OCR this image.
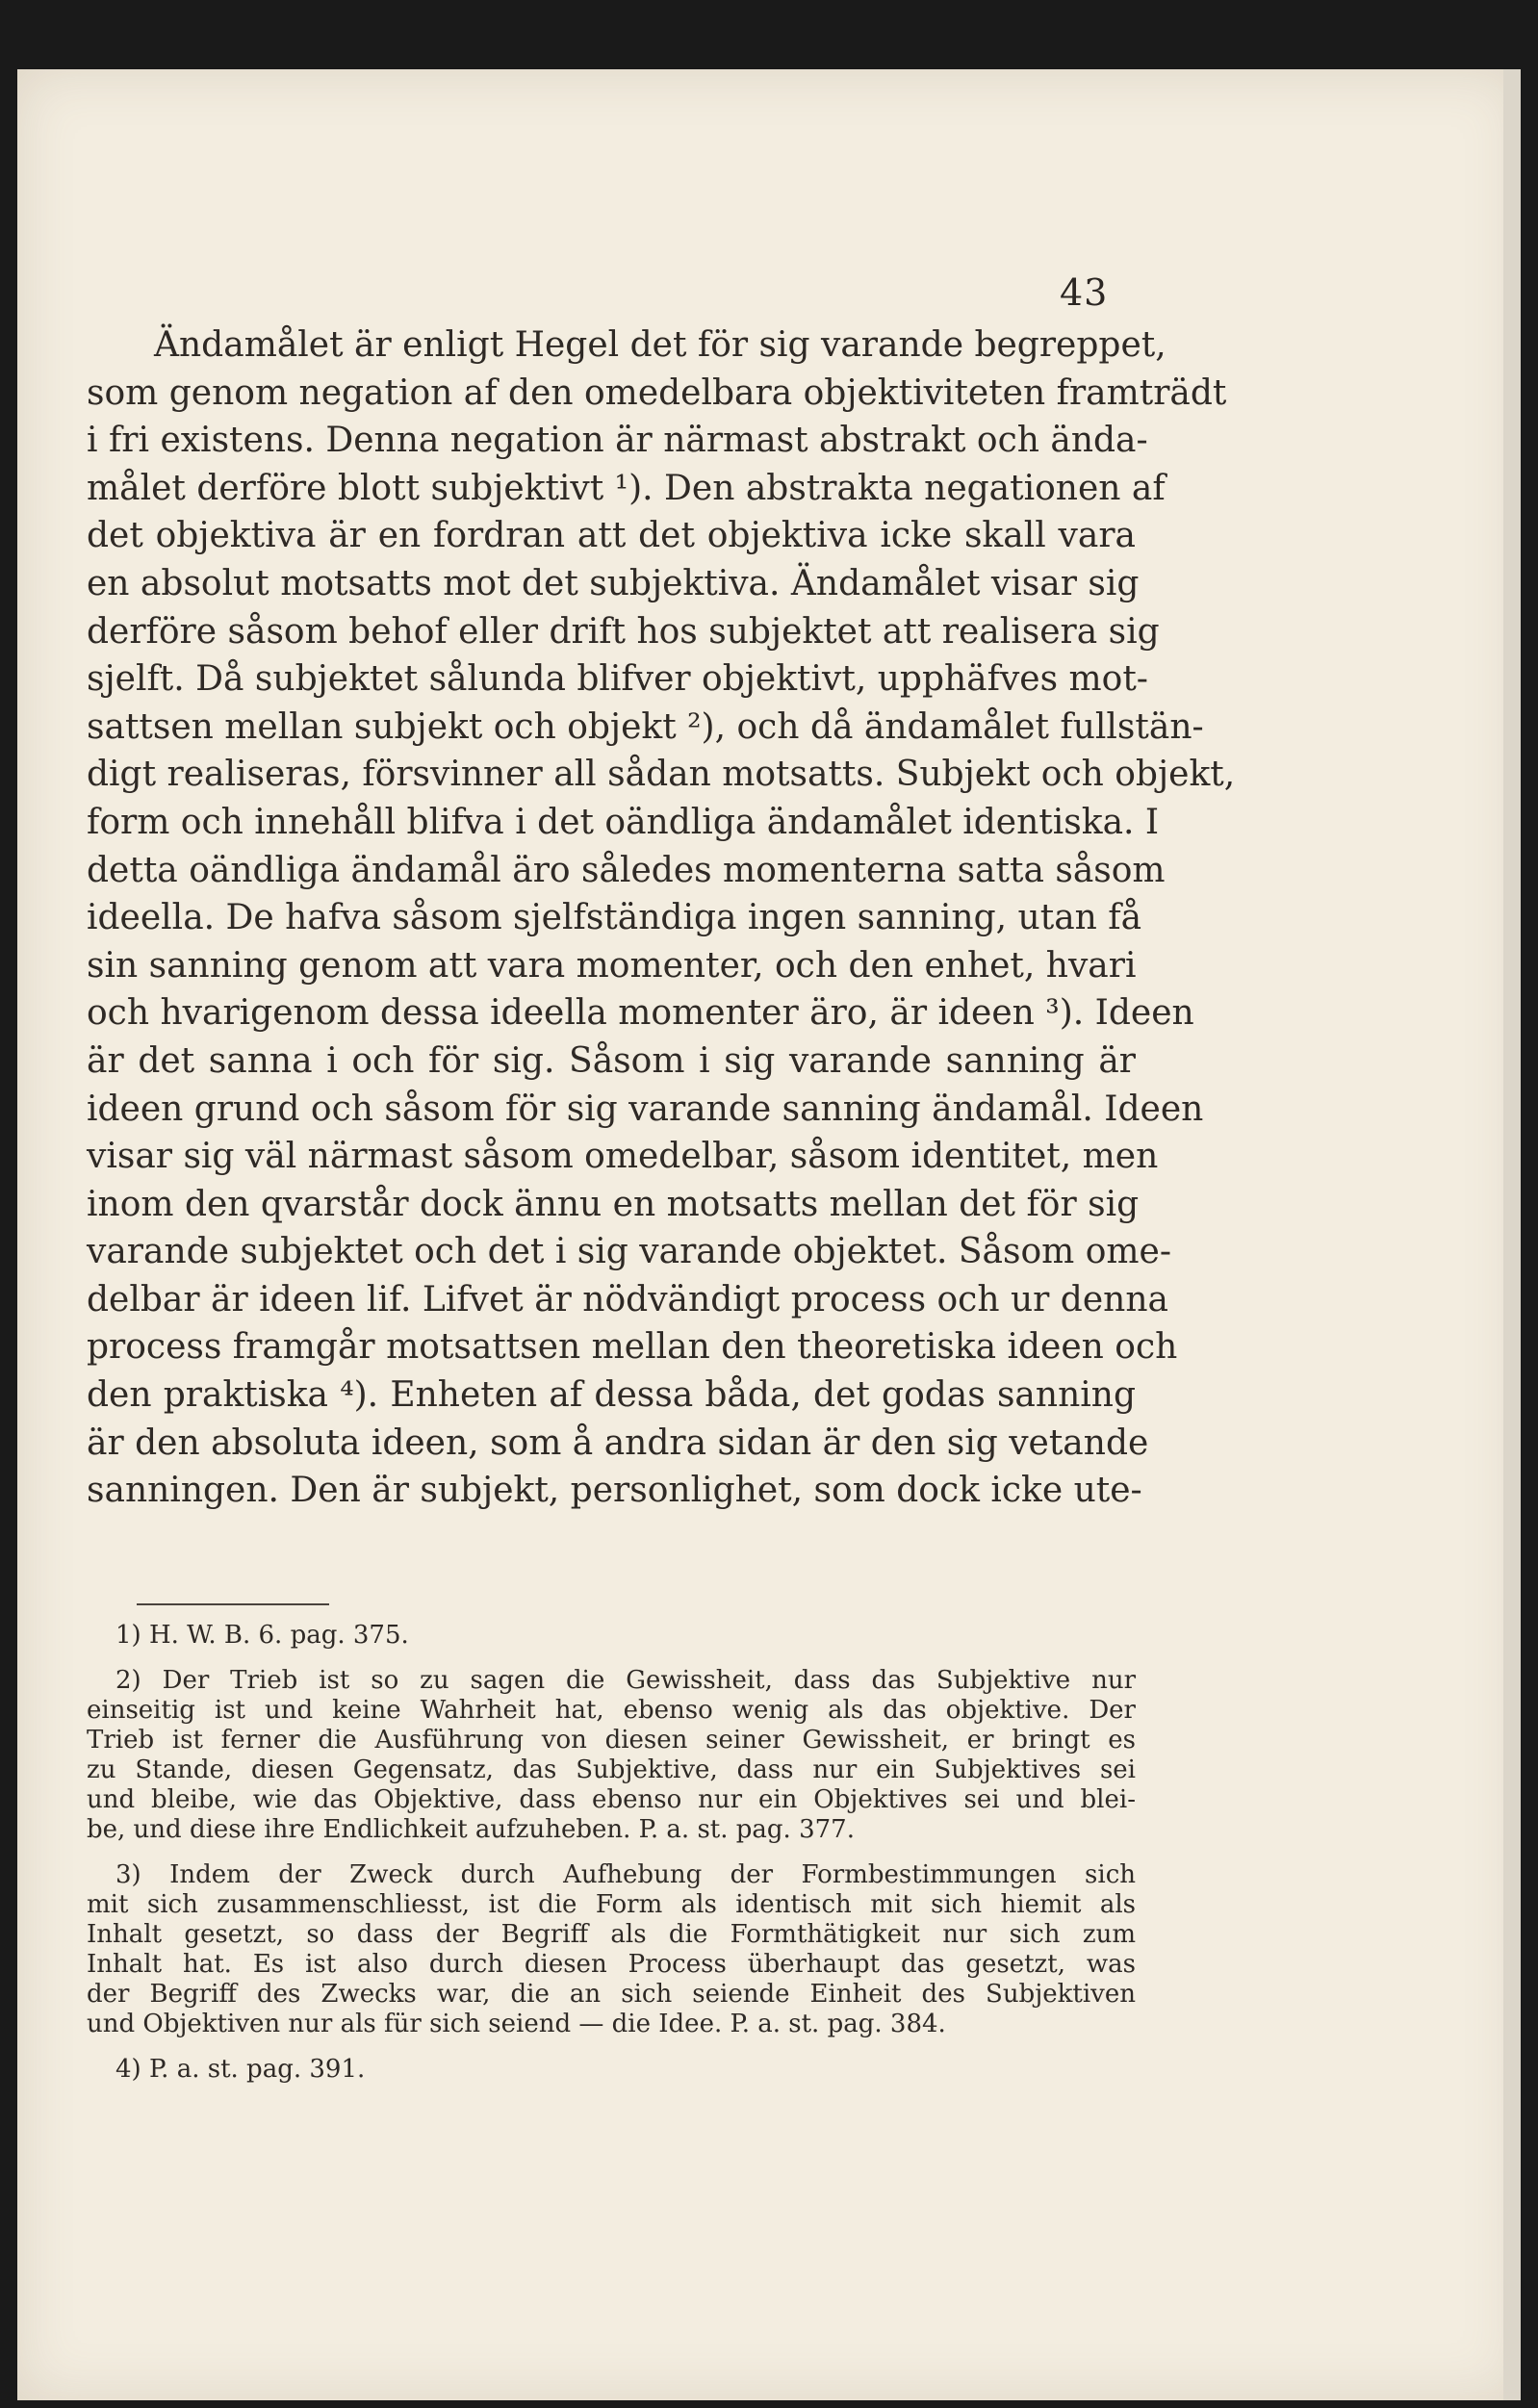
43
Ändamålet är enligt Hegel det för sig varande begreppet,
som genom negation af den omedelbara objektiviteten framträdt
i fri existens. Denna negation är närmast abstrakt och ända-
målet derföre blott subjektivt ¹). Den abstrakta negationen af
det objektiva är en fordran att det objektiva icke skall vara
en absolut motsatts mot det subjektiva. Ändamålet visar sig
derföre såsom behof eller drift hos subjektet att realisera sig
sjelft. Då subjektet sålunda blifver objektivt, upphäfves mot-
sattsen mellan subjekt och objekt ²), och då ändamålet fullstän-
digt realiseras, försvinner all sådan motsatts. Subjekt och objekt,
form och innehåll blifva i det oändliga ändamålet identiska. I
detta oändliga ändamål äro således momenterna satta såsom
ideella. De hafva såsom sjelfständiga ingen sanning, utan få
sin sanning genom att vara momenter, och den enhet, hvari
och hvarigenom dessa ideella momenter äro, är ideen ³). Ideen
är det sanna i och för sig. Såsom i sig varande sanning är
ideen grund och såsom för sig varande sanning ändamål. Ideen
visar sig väl närmast såsom omedelbar, såsom identitet, men
inom den qvarstår dock ännu en motsatts mellan det för sig
varande subjektet och det i sig varande objektet. Såsom ome-
delbar är ideen lif. Lifvet är nödvändigt process och ur denna
process framgår motsattsen mellan den theoretiska ideen och
den praktiska ⁴). Enheten af dessa båda, det godas sanning
är den absoluta ideen, som å andra sidan är den sig vetande
sanningen. Den är subjekt, personlighet, som dock icke ute-
1) H. W. B. 6. pag. 375.
2) Der Trieb ist so zu sagen die Gewissheit, dass das Subjektive nur
einseitig ist und keine Wahrheit hat, ebenso wenig als das objektive. Der
Trieb ist ferner die Ausführung von diesen seiner Gewissheit, er bringt es
zu Stande, diesen Gegensatz, das Subjektive, dass nur ein Subjektives sei
und bleibe, wie das Objektive, dass ebenso nur ein Objektives sei und blei-
be, und diese ihre Endlichkeit aufzuheben. P. a. st. pag. 377.
3) Indem der Zweck durch Aufhebung der Formbestimmungen sich
mit sich zusammenschliesst, ist die Form als identisch mit sich hiemit als
Inhalt gesetzt, so dass der Begriff als die Formthätigkeit nur sich zum
Inhalt hat. Es ist also durch diesen Process überhaupt das gesetzt, was
der Begriff des Zwecks war, die an sich seiende Einheit des Subjektiven
und Objektiven nur als für sich seiend — die Idee. P. a. st. pag. 384.
4) P. a. st. pag. 391.
